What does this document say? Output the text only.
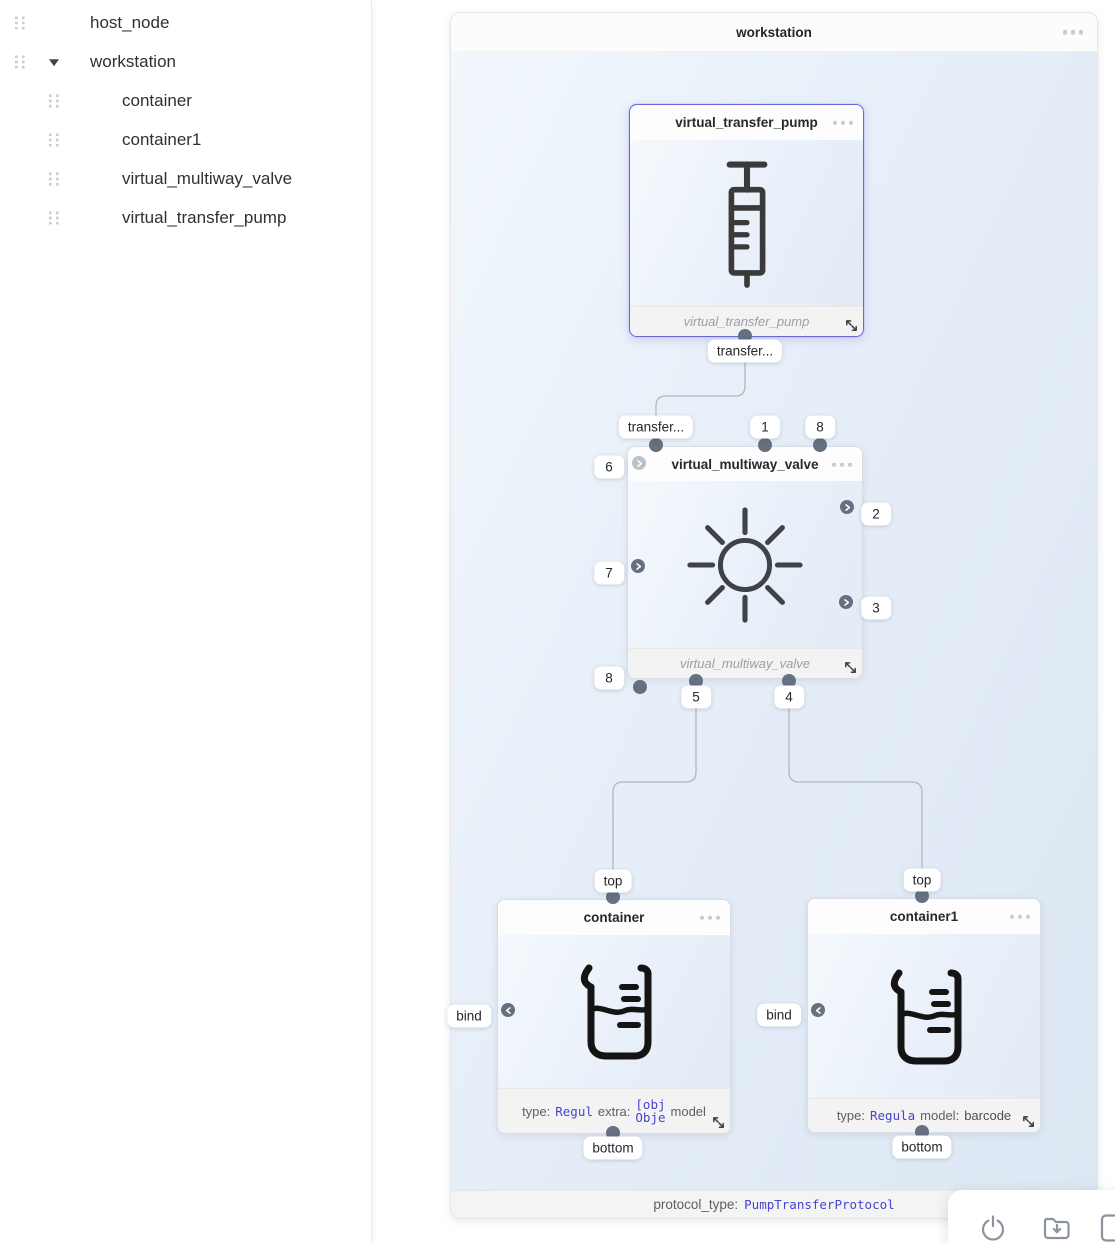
host_node
workstation
container
container1
virtual_multiway_valve
virtual_transfer_pump
workstation
protocol_type: PumpTransferProtocol
virtual_transfer_pump
virtual_transfer_pump
virtual_multiway_valve
virtual_multiway_valve
container
type: Regul extra: [obj
Obje model
container1
type: Regula model: barcode
transfer...
transfer...	1	8
6
7
8
2
3
5	4
top
bind
bottom
top
bind
bottom
